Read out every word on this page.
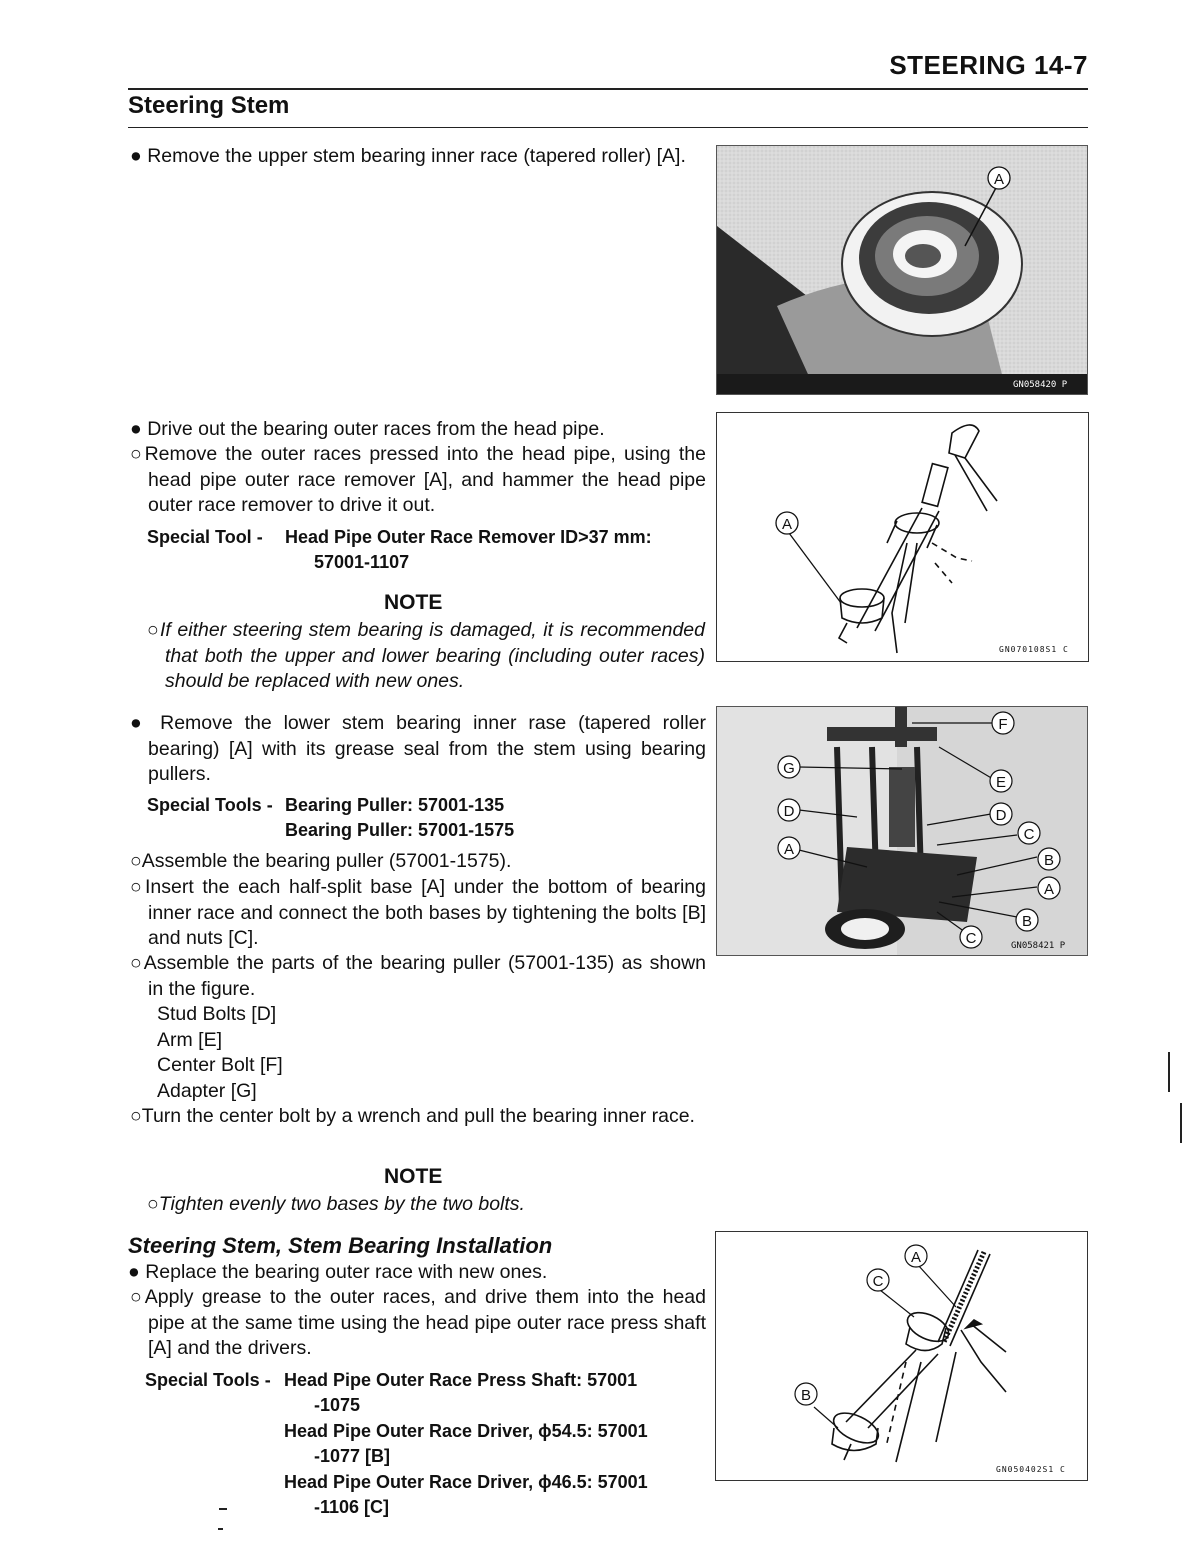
STEERING 14-7
Steering Stem
● Remove the upper stem bearing inner race (tapered roller) [A].
A
GN058420 P
● Drive out the bearing outer races from the head pipe.
○Remove the outer races pressed into the head pipe, using the head pipe outer race remover [A], and hammer the head pipe outer race remover to drive it out.
Special Tool - Head Pipe Outer Race Remover ID>37 mm:
57001-1107
NOTE
○If either steering stem bearing is damaged, it is recommended that both the upper and lower bearing (including outer races) should be replaced with new ones.
A
GN070108S1 C
● Remove the lower stem bearing inner rase (tapered roller bearing) [A] with its grease seal from the stem using bearing pullers.
Special Tools - Bearing Puller: 57001-135
Bearing Puller: 57001-1575
○Assemble the bearing puller (57001-1575).
○Insert the each half-split base [A] under the bottom of bearing inner race and connect the both bases by tightening the bolts [B] and nuts [C].
○Assemble the parts of the bearing puller (57001-135) as shown in the figure.
Stud Bolts [D]
Arm [E]
Center Bolt [F]
Adapter [G]
○Turn the center bolt by a wrench and pull the bearing inner race.
NOTE
○Tighten evenly two bases by the two bolts.
F
G
E
D	D
C
A
B
A
B
C	GN058421 P
Steering Stem, Stem Bearing Installation
● Replace the bearing outer race with new ones.
○Apply grease to the outer races, and drive them into the head pipe at the same time using the head pipe outer race press shaft [A] and the drivers.
Special Tools - Head Pipe Outer Race Press Shaft: 57001
-1075
Head Pipe Outer Race Driver, ϕ54.5: 57001
-1077 [B]
Head Pipe Outer Race Driver, ϕ46.5: 57001
-1106 [C]
A
C
B
GN050402S1 C
